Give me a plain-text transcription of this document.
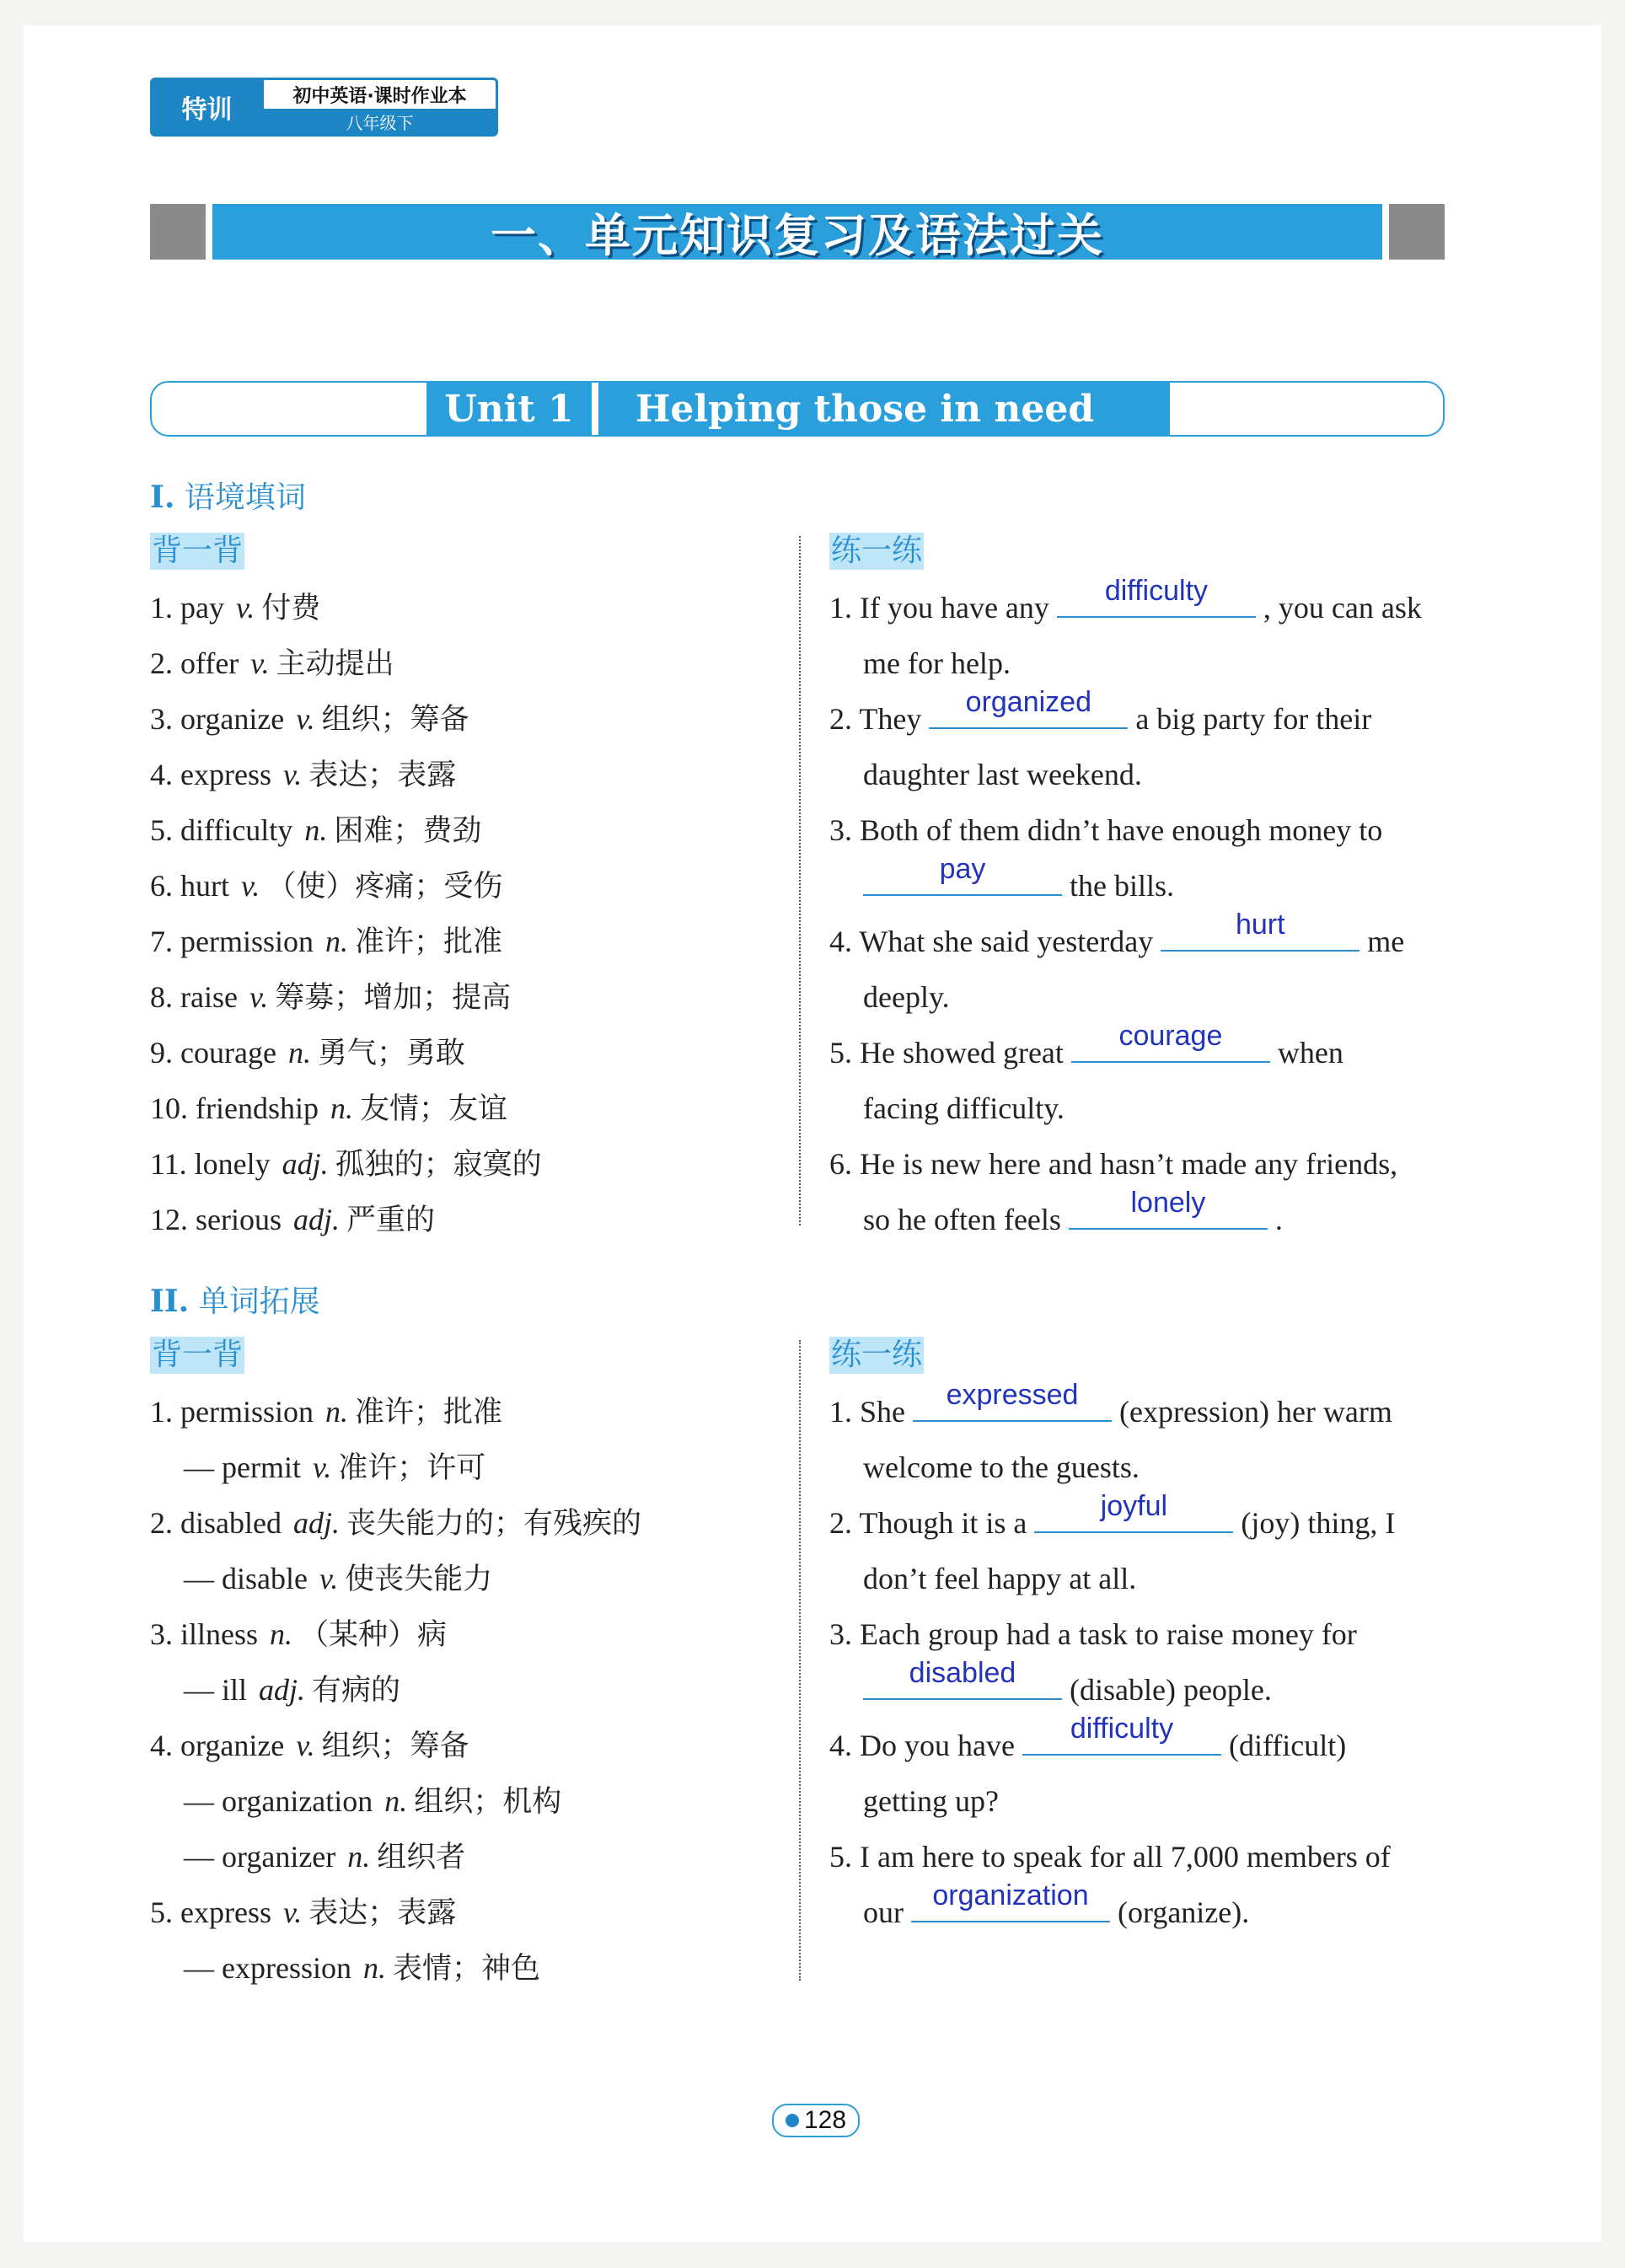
特训	初中英语·课时作业本
八年级下
一、单元知识复习及语法过关
Unit 1	Helping those in need
I. 语境填词
背一背	练一练
1. pay v. 付费
2. offer v. 主动提出
3. organize v. 组织；筹备
4. express v. 表达；表露
5. difficulty n. 困难；费劲
6. hurt v. （使）疼痛；受伤
7. permission n. 准许；批准
8. raise v. 筹募；增加；提高
9. courage n. 勇气；勇敢
10. friendship n. 友情；友谊
11. lonely adj. 孤独的；寂寞的
12. serious adj. 严重的
1. If you have any	difficulty	, you can ask
me for help.
2. They	organized	a big party for their
daughter last weekend.
3. Both of them didn’t have enough money to
pay	the bills.
4. What she said yesterday	hurt	me
deeply.
5. He showed great	courage	when
facing difficulty.
6. He is new here and hasn’t made any friends,
so he often feels	lonely	.
II. 单词拓展
背一背	练一练
1. permission n. 准许；批准
— permit v. 准许；许可
2. disabled adj. 丧失能力的；有残疾的
— disable v. 使丧失能力
3. illness n. （某种）病
— ill adj. 有病的
4. organize v. 组织；筹备
— organization n. 组织；机构
— organizer n. 组织者
5. express v. 表达；表露
— expression n. 表情；神色
1. She	expressed	(expression) her warm
welcome to the guests.
2. Though it is a	joyful	(joy) thing, I
don’t feel happy at all.
3. Each group had a task to raise money for
disabled	(disable) people.
4. Do you have	difficulty	(difficult)
getting up?
5. I am here to speak for all 7,000 members of
our	organization (organize).
128
